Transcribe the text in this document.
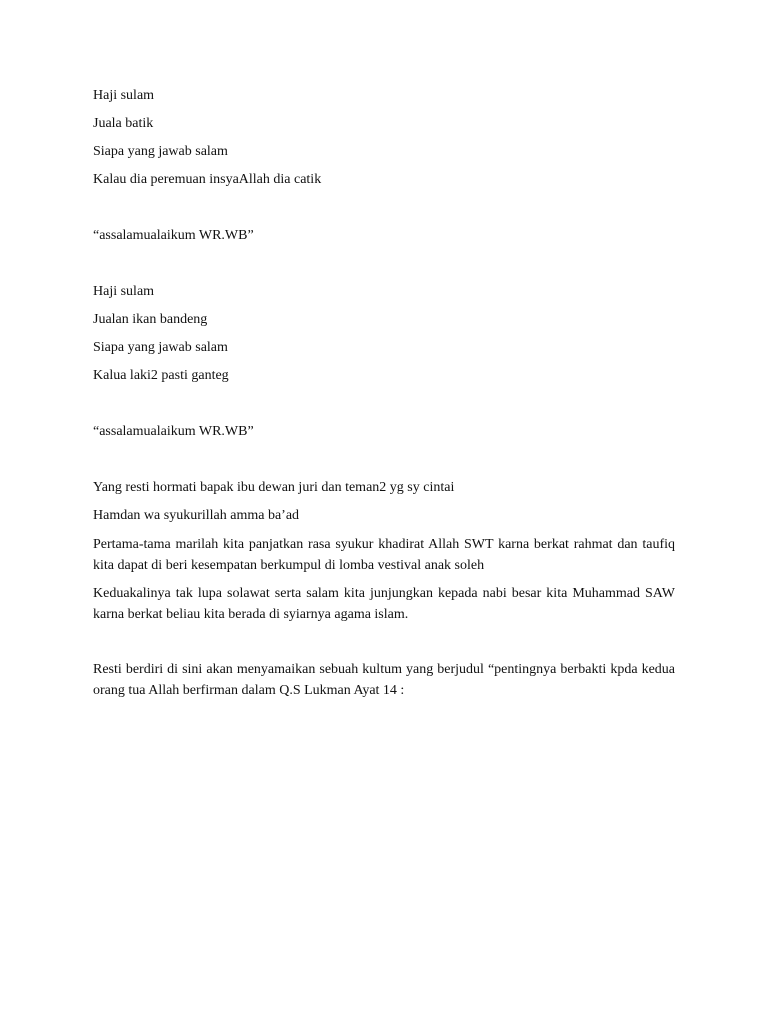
Haji sulam
Juala batik
Siapa yang jawab salam
Kalau dia peremuan insyaAllah dia catik
“assalamualaikum WR.WB”
Haji sulam
Jualan ikan bandeng
Siapa yang jawab salam
Kalua laki2 pasti ganteg
“assalamualaikum WR.WB”
Yang resti hormati bapak ibu dewan juri dan teman2 yg sy cintai
Hamdan wa syukurillah amma ba’ad
Pertama-tama marilah kita panjatkan rasa syukur khadirat Allah SWT karna berkat rahmat dan taufiq kita dapat di beri kesempatan berkumpul di lomba vestival anak soleh
Keduakalinya tak lupa solawat serta salam kita junjungkan kepada nabi besar kita Muhammad SAW karna berkat beliau kita berada di syiarnya agama islam.
Resti berdiri di sini akan menyamaikan sebuah kultum yang berjudul “pentingnya berbakti kpda kedua orang tua Allah berfirman dalam Q.S Lukman Ayat 14 :
